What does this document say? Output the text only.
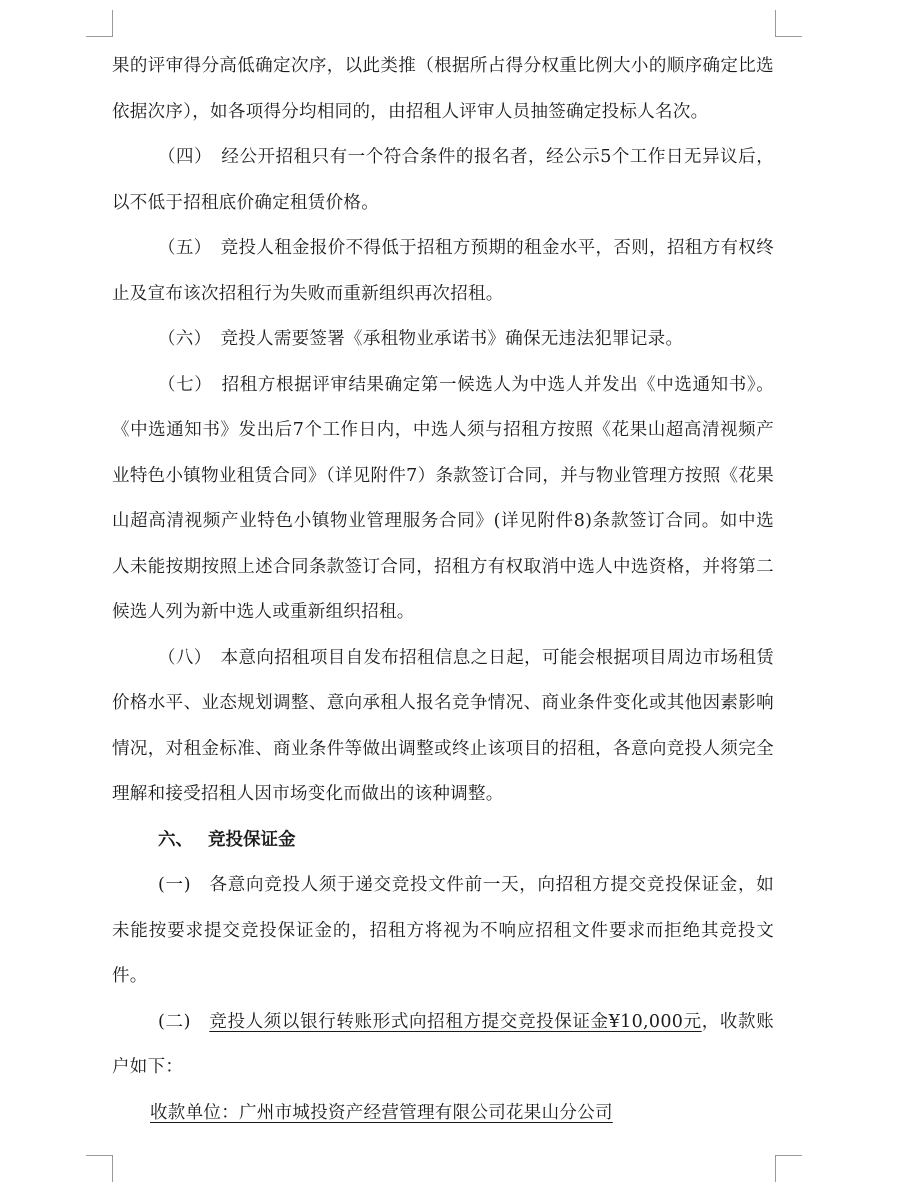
果的评审得分高低确定次序，以此类推（根据所占得分权重比例大小的顺序确定比选依据次序），如各项得分均相同的，由招租人评审人员抽签确定投标人名次。

（四）　经公开招租只有一个符合条件的报名者，经公示5个工作日无异议后，以不低于招租底价确定租赁价格。

（五）　竞投人租金报价不得低于招租方预期的租金水平，否则，招租方有权终止及宣布该次招租行为失败而重新组织再次招租。

（六）　竞投人需要签署《承租物业承诺书》确保无违法犯罪记录。

（七）　招租方根据评审结果确定第一候选人为中选人并发出《中选通知书》。《中选通知书》发出后7个工作日内，中选人须与招租方按照《花果山超高清视频产业特色小镇物业租赁合同》（详见附件7）条款签订合同，并与物业管理方按照《花果山超高清视频产业特色小镇物业管理服务合同》(详见附件8)条款签订合同。如中选人未能按期按照上述合同条款签订合同，招租方有权取消中选人中选资格，并将第二候选人列为新中选人或重新组织招租。

（八）　本意向招租项目自发布招租信息之日起，可能会根据项目周边市场租赁价格水平、业态规划调整、意向承租人报名竞争情况、商业条件变化或其他因素影响情况，对租金标准、商业条件等做出调整或终止该项目的招租，各意向竞投人须完全理解和接受招租人因市场变化而做出的该种调整。

六、 竞投保证金

(一)　各意向竞投人须于递交竞投文件前一天，向招租方提交竞投保证金，如未能按要求提交竞投保证金的，招租方将视为不响应招租文件要求而拒绝其竞投文件。

(二)　竞投人须以银行转账形式向招租方提交竞投保证金¥10,000元，收款账户如下：

收款单位：广州市城投资产经营管理有限公司花果山分公司
